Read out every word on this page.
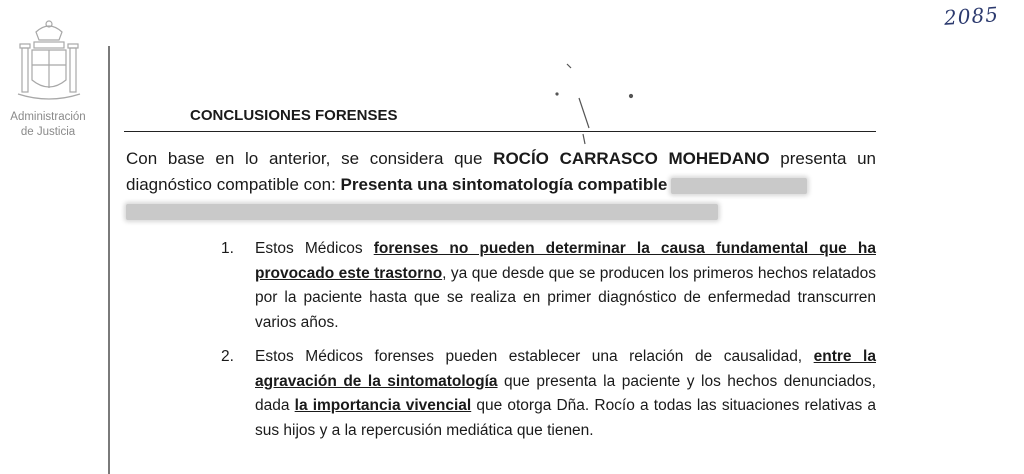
2085
Administración
de Justicia
CONCLUSIONES FORENSES
Con base en lo anterior, se considera que ROCÍO CARRASCO MOHEDANO presenta un diagnóstico compatible con: Presenta una sintomatología compatible

1.	Estos Médicos forenses no pueden determinar la causa fundamental que ha provocado este trastorno, ya que desde que se producen los primeros hechos relatados por la paciente hasta que se realiza en primer diagnóstico de enfermedad transcurren varios años.
2.	Estos Médicos forenses pueden establecer una relación de causalidad, entre la agravación de la sintomatología que presenta la paciente y los hechos denunciados, dada la importancia vivencial que otorga Dña. Rocío a todas las situaciones relativas a sus hijos y a la repercusión mediática que tienen.
